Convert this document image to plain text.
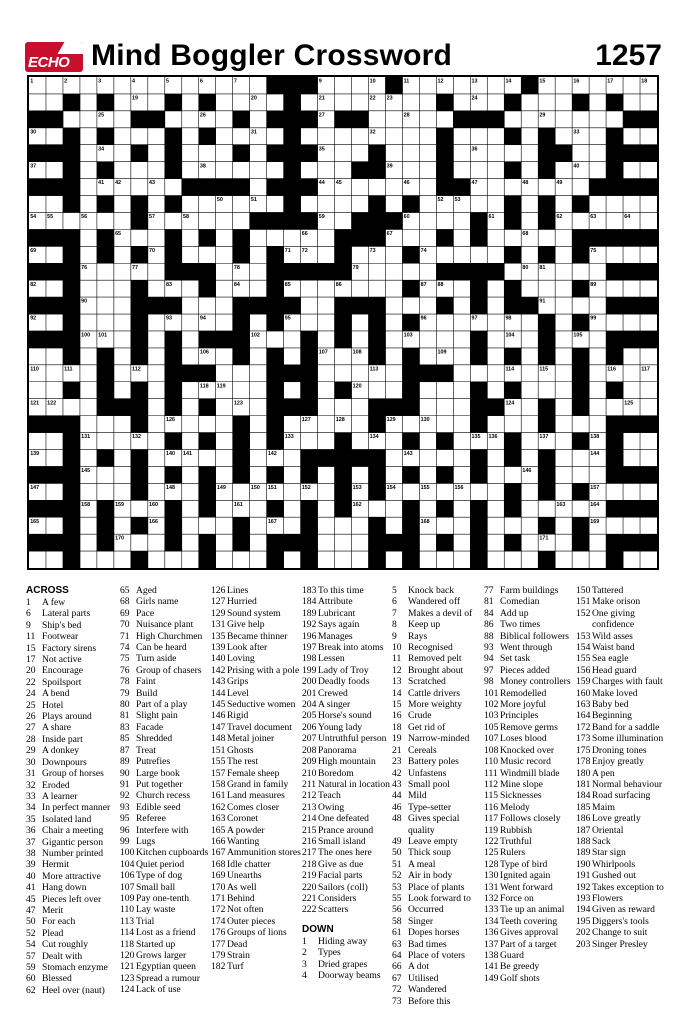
ECHO Mind Boggler Crossword	1257
1	2	3	4	5	6	7	8	9	10	11	12	13	14	15	16	17	18
19	20	21	22 23	24
25	26	27	28	29
30	31	32	33
34	35	36
37	38	39	40
41 42	43	44 45	46	47	48	49
50	51	52 53
54 55	56	57	58	59	60	61	62	63	64
65	66	67	68
69	70	71 72	73	74	75
76	77	78	79	80 81
82	83	84	85	86	87 88	89
90	91
92	93	94	95	96	97	98	99
100 101	102	103	104	105
106	107	108	109
110	111	112	113	114	115	116	117
118 119	120
121 122	123	124	125
126	127	128	129	130
131	132	133	134	135 136	137	138
139	140 141	142	143	144
145	146
147	148	149	150 151	152	153	154	155	156	157
158	159	160	161	162	163	164
165	166	167	168	169
170	171
ACROSS
1	A few
6	Lateral parts
9	Ship's bed
11 Footwear
15 Factory sirens
17 Not active
20 Encourage
22 Spoilsport
24 A bend
25 Hotel
26 Plays around
27 A share
28 Inside part
29 A donkey
30 Downpours
31 Group of horses
32 Eroded
33 A learner
34 In perfect manner
35 Isolated land
36 Chair a meeting
37 Gigantic person
38 Number printed
39 Hermit
40 More attractive
41 Hang down
45 Pieces left over
47 Merit
50 For each
52 Plead
54 Cut roughly
57 Dealt with
59 Stomach enzyme
60 Blessed
62 Heel over (naut)
65 Aged
68 Girls name
69 Pace
70 Nuisance plant
71 High Churchmen
74 Can be heard
75 Turn aside
76 Group of chasers
78 Faint
79 Build
80 Part of a play
81 Slight pain
83 Facade
85 Shredded
87 Treat
89 Putrefies
90 Large book
91 Put together
92 Church recess
93 Edible seed
95 Referee
96 Interfere with
99 Lugs
100 Kitchen cupboards
104 Quiet period
106 Type of dog
107 Small ball
109 Pay one-tenth
110 Lay waste
113 Trial
114 Lost as a friend
118 Started up
120 Grows larger
121 Egyptian queen
123 Spread a rumour
124 Lack of use
126 Lines
127 Hurried
129 Sound system
131 Give help
135 Became thinner
139 Look after
140 Loving
142 Prising with a pole
143 Grips
144 Level
145 Seductive women
146 Rigid
147 Travel document
148 Metal joiner
151 Ghosts
155 The rest
157 Female sheep
158 Grand in family
161 Land measures
162 Comes closer
163 Coronet
165 A powder
166 Wanting
167 Ammunition stores
168 Idle chatter
169 Unearths
170 As well
171 Behind
172 Not often
174 Outer pieces
176 Groups of lions
177 Dead
179 Strain
182 Turf
183 To this time
184 Attribute
189 Lubricant
192 Says again
196 Manages
197 Break into atoms
198 Lessen
199 Lady of Troy
200 Deadly foods
201 Crewed
204 A singer
205 Horse's sound
206 Young lady
207 Untruthful person
208 Panorama
209 High mountain
210 Boredom
211 Natural in location
212 Teach
213 Owing
214 One defeated
215 Prance around
216 Small island
217 The ones here
218 Give as due
219 Facial parts
220 Sailors (coll)
221 Considers
222 Scatters
DOWN
1	Hiding away
2	Types
3	Dried grapes
4	Doorway beams
5	Knock back
6	Wandered off
7	Makes a devil of
8	Keep up
9	Rays
10 Recognised
11 Removed pelt
12 Brought about
13 Scratched
14 Cattle drivers
15 More weighty
16 Crude
18 Get rid of
19 Narrow-minded
21 Cereals
23 Battery poles
42 Unfastens
43 Small pool
44 Mild
46 Type-setter
48 Gives special quality
49 Leave empty
50 Thick soup
51 A meal
52 Air in body
53 Place of plants
55 Look forward to
56 Occurred
58 Singer
61 Dopes horses
63 Bad times
64 Place of voters
66 A dot
67 Utilised
72 Wandered
73 Before this
77 Farm buildings
81 Comedian
84 Add up
86 Two times
88 Biblical followers
93 Went through
94 Set task
97 Pieces added
98 Money controllers
101 Remodelled
102 More joyful
103 Principles
105 Remove germs
107 Loses blood
108 Knocked over
110 Music record
111 Windmill blade
112 Mine slope
115 Sicknesses
116 Melody
117 Follows closely
119 Rubbish
122 Truthful
125 Rulers
128 Type of bird
130 Ignited again
131 Went forward
132 Force on
133 Tie up an animal
134 Teeth covering
136 Gives approval
137 Part of a target
138 Guard
141 Be greedy
149 Golf shots
150 Tattered
151 Make orison
152 One giving confidence
153 Wild asses
154 Waist band
155 Sea eagle
156 Head guard
159 Charges with fault
160 Make loved
163 Baby bed
164 Beginning
172 Band for a saddle
173 Some illumination
175 Droning tones
178 Enjoy greatly
180 A pen
181 Normal behaviour
184 Road surfacing
185 Maim
186 Love greatly
187 Oriental
188 Sack
189 Star sign
190 Whirlpools
191 Gushed out
192 Takes exception to
193 Flowers
194 Given as reward
195 Diggers's tools
202 Change to suit
203 Singer Presley
